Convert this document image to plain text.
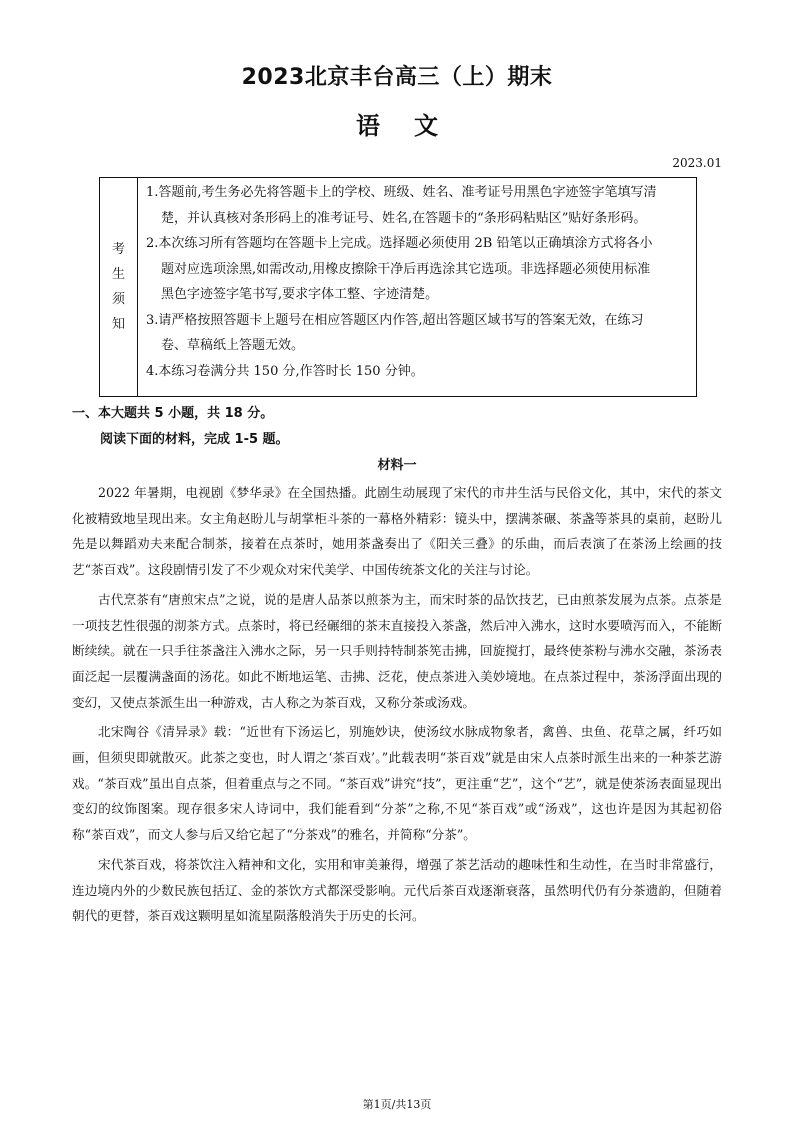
2023北京丰台高三（上）期末
语文
2023.01
考
生
须
知

1.答题前,考生务必先将答题卡上的学校、班级、姓名、准考证号用黑色字迹签字笔填写清

楚，并认真核对条形码上的准考证号、姓名,在答题卡的“条形码粘贴区”贴好条形码。

2.本次练习所有答题均在答题卡上完成。选择题必须使用 2B 铅笔以正确填涂方式将各小

题对应选项涂黑,如需改动,用橡皮擦除干净后再选涂其它选项。非选择题必须使用标准

黑色字迹签字笔书写,要求字体工整、字迹清楚。

3.请严格按照答题卡上题号在相应答题区内作答,超出答题区域书写的答案无效，在练习

卷、草稿纸上答题无效。

4.本练习卷满分共 150 分,作答时长 150 分钟。

一、本大题共 5 小题，共 18 分。
阅读下面的材料，完成 1-5 题。
材料一

2022 年暑期，电视剧《梦华录》在全国热播。此剧生动展现了宋代的市井生活与民俗文化，其中，宋代的茶文化被精致地呈现出来。女主角赵盼儿与胡掌柜斗茶的一幕格外精彩：镜头中，摆满茶碾、茶盏等茶具的桌前，赵盼儿先是以舞蹈劝夫来配合制茶，接着在点茶时，她用茶盏奏出了《阳关三叠》的乐曲，而后表演了在茶汤上绘画的技艺“茶百戏”。这段剧情引发了不少观众对宋代美学、中国传统茶文化的关注与讨论。

古代烹茶有“唐煎宋点”之说，说的是唐人品茶以煎茶为主，而宋时茶的品饮技艺，已由煎茶发展为点茶。点茶是一项技艺性很强的沏茶方式。点茶时，将已经碾细的茶末直接投入茶盏，然后冲入沸水，这时水要喷泻而入，不能断断续续。就在一只手往茶盏注入沸水之际，另一只手则持特制茶筅击拂，回旋搅打，最终使茶粉与沸水交融，茶汤表面泛起一层覆满盏面的汤花。如此不断地运笔、击拂、泛花，使点茶进入美妙境地。在点茶过程中，茶汤浮面出现的变幻，又使点茶派生出一种游戏，古人称之为茶百戏，又称分茶或汤戏。

北宋陶谷《清异录》载：“近世有下汤运匕，别施妙诀，使汤纹水脉成物象者，禽兽、虫鱼、花草之属，纤巧如画，但须臾即就散灭。此茶之变也，时人谓之‘茶百戏’。”此载表明“茶百戏”就是由宋人点茶时派生出来的一种茶艺游戏。“茶百戏”虽出自点茶，但着重点与之不同。“茶百戏”讲究“技”，更注重“艺”，这个“艺”，就是使茶汤表面显现出变幻的纹饰图案。现存很多宋人诗词中，我们能看到“分茶”之称,不见“茶百戏”或“汤戏”，这也许是因为其起初俗称“茶百戏”，而文人参与后又给它起了“分茶戏”的雅名，并简称“分茶”。

宋代茶百戏，将茶饮注入精神和文化，实用和审美兼得，增强了茶艺活动的趣味性和生动性，在当时非常盛行，连边境内外的少数民族包括辽、金的茶饮方式都深受影响。元代后茶百戏逐渐衰落，虽然明代仍有分茶遗韵，但随着朝代的更替，茶百戏这颗明星如流星陨落般消失于历史的长河。

第1页/共13页
